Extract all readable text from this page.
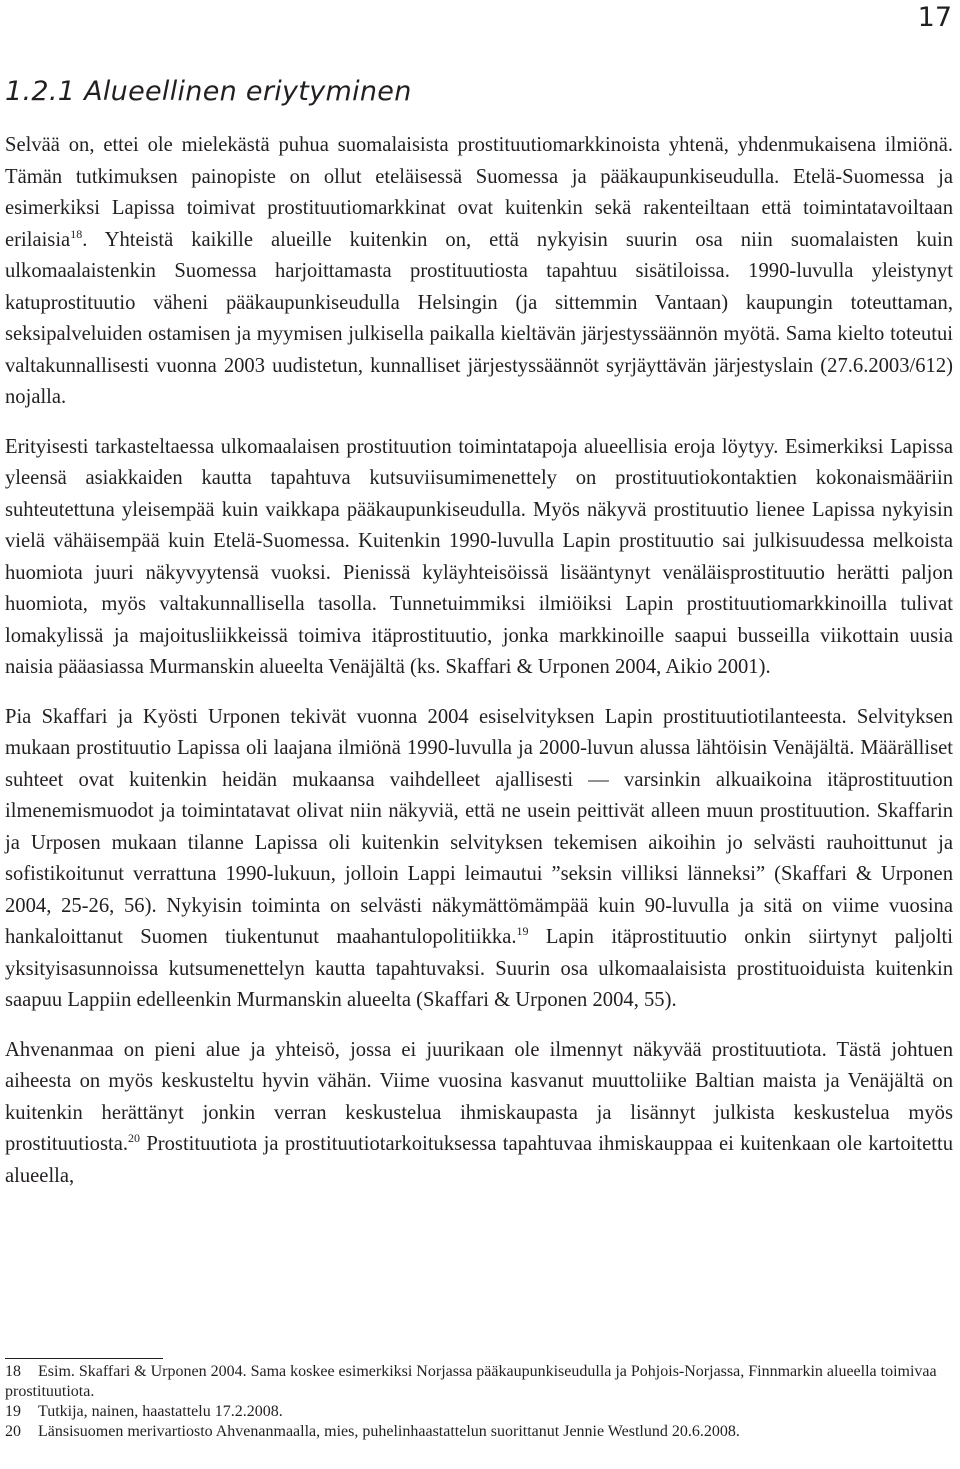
17
1.2.1 Alueellinen eriytyminen

Selvää on, ettei ole mielekästä puhua suomalaisista prostituutiomarkkinoista yhtenä, yhdenmukaisena ilmiönä. Tämän tutkimuksen painopiste on ollut eteläisessä Suomessa ja pääkaupunkiseudulla. Etelä-Suomessa ja esimerkiksi Lapissa toimivat prostituutiomarkkinat ovat kuitenkin sekä rakenteiltaan että toimintatavoiltaan erilaisia$^{18}$. Yhteistä kaikille alueille kuitenkin on, että nykyisin suurin osa niin suomalaisten kuin ulkomaalaistenkin Suomessa harjoittamasta prostituutiosta tapahtuu sisätiloissa. 1990-luvulla yleistynyt katuprostituutio väheni pääkaupunkiseudulla Helsingin (ja sittemmin Vantaan) kaupungin toteuttaman, seksipalveluiden ostamisen ja myymisen julkisella paikalla kieltävän järjestyssäännön myötä. Sama kielto toteutui valtakunnallisesti vuonna 2003 uudistetun, kunnalliset järjestyssäännöt syrjäyttävän järjestyslain (27.6.2003/612) nojalla.

Erityisesti tarkasteltaessa ulkomaalaisen prostituution toimintatapoja alueellisia eroja löytyy. Esimerkiksi Lapissa yleensä asiakkaiden kautta tapahtuva kutsuviisumimenettely on prostituutiokontaktien kokonaismääriin suhteutettuna yleisempää kuin vaikkapa pääkaupunkiseudulla. Myös näkyvä prostituutio lienee Lapissa nykyisin vielä vähäisempää kuin Etelä-Suomessa. Kuitenkin 1990-luvulla Lapin prostituutio sai julkisuudessa melkoista huomiota juuri näkyvyytensä vuoksi. Pienissä kyläyhteisöissä lisääntynyt venäläisprostituutio herätti paljon huomiota, myös valtakunnallisella tasolla. Tunnetuimmiksi ilmiöiksi Lapin prostituutiomarkkinoilla tulivat lomakylissä ja majoitusliikkeissä toimiva itäprostituutio, jonka markkinoille saapui busseilla viikottain uusia naisia pääasiassa Murmanskin alueelta Venäjältä (ks. Skaffari & Urponen 2004, Aikio 2001).

Pia Skaffari ja Kyösti Urponen tekivät vuonna 2004 esiselvityksen Lapin prostituutiotilanteesta. Selvityksen mukaan prostituutio Lapissa oli laajana ilmiönä 1990-luvulla ja 2000-luvun alussa lähtöisin Venäjältä. Määrälliset suhteet ovat kuitenkin heidän mukaansa vaihdelleet ajallisesti — varsinkin alkuaikoina itäprostituution ilmenemismuodot ja toimintatavat olivat niin näkyviä, että ne usein peittivät alleen muun prostituution. Skaffarin ja Urposen mukaan tilanne Lapissa oli kuitenkin selvityksen tekemisen aikoihin jo selvästi rauhoittunut ja sofistikoitunut verrattuna 1990-lukuun, jolloin Lappi leimautui ”seksin villiksi länneksi” (Skaffari & Urponen 2004, 25-26, 56). Nykyisin toiminta on selvästi näkymättömämpää kuin 90-luvulla ja sitä on viime vuosina hankaloittanut Suomen tiukentunut maahantulopolitiikka.$^{19}$ Lapin itäprostituutio onkin siirtynyt paljolti yksityisasunnoissa kutsumenettelyn kautta tapahtuvaksi. Suurin osa ulkomaalaisista prostituoiduista kuitenkin saapuu Lappiin edelleenkin Murmanskin alueelta (Skaffari & Urponen 2004, 55).

Ahvenanmaa on pieni alue ja yhteisö, jossa ei juurikaan ole ilmennyt näkyvää prostituutiota. Tästä johtuen aiheesta on myös keskusteltu hyvin vähän. Viime vuosina kasvanut muuttoliike Baltian maista ja Venäjältä on kuitenkin herättänyt jonkin verran keskustelua ihmiskaupasta ja lisännyt julkista keskustelua myös prostituutiosta.$^{20}$ Prostituutiota ja prostituutiotarkoituksessa tapahtuvaa ihmiskauppaa ei kuitenkaan ole kartoitettu alueella,

18 Esim. Skaffari & Urponen 2004. Sama koskee esimerkiksi Norjassa pääkaupunkiseudulla ja Pohjois-Norjassa, Finnmarkin alueella toimivaa prostituutiota.

19 Tutkija, nainen, haastattelu 17.2.2008.

20 Länsisuomen merivartiosto Ahvenanmaalla, mies, puhelinhaastattelun suorittanut Jennie Westlund 20.6.2008.
